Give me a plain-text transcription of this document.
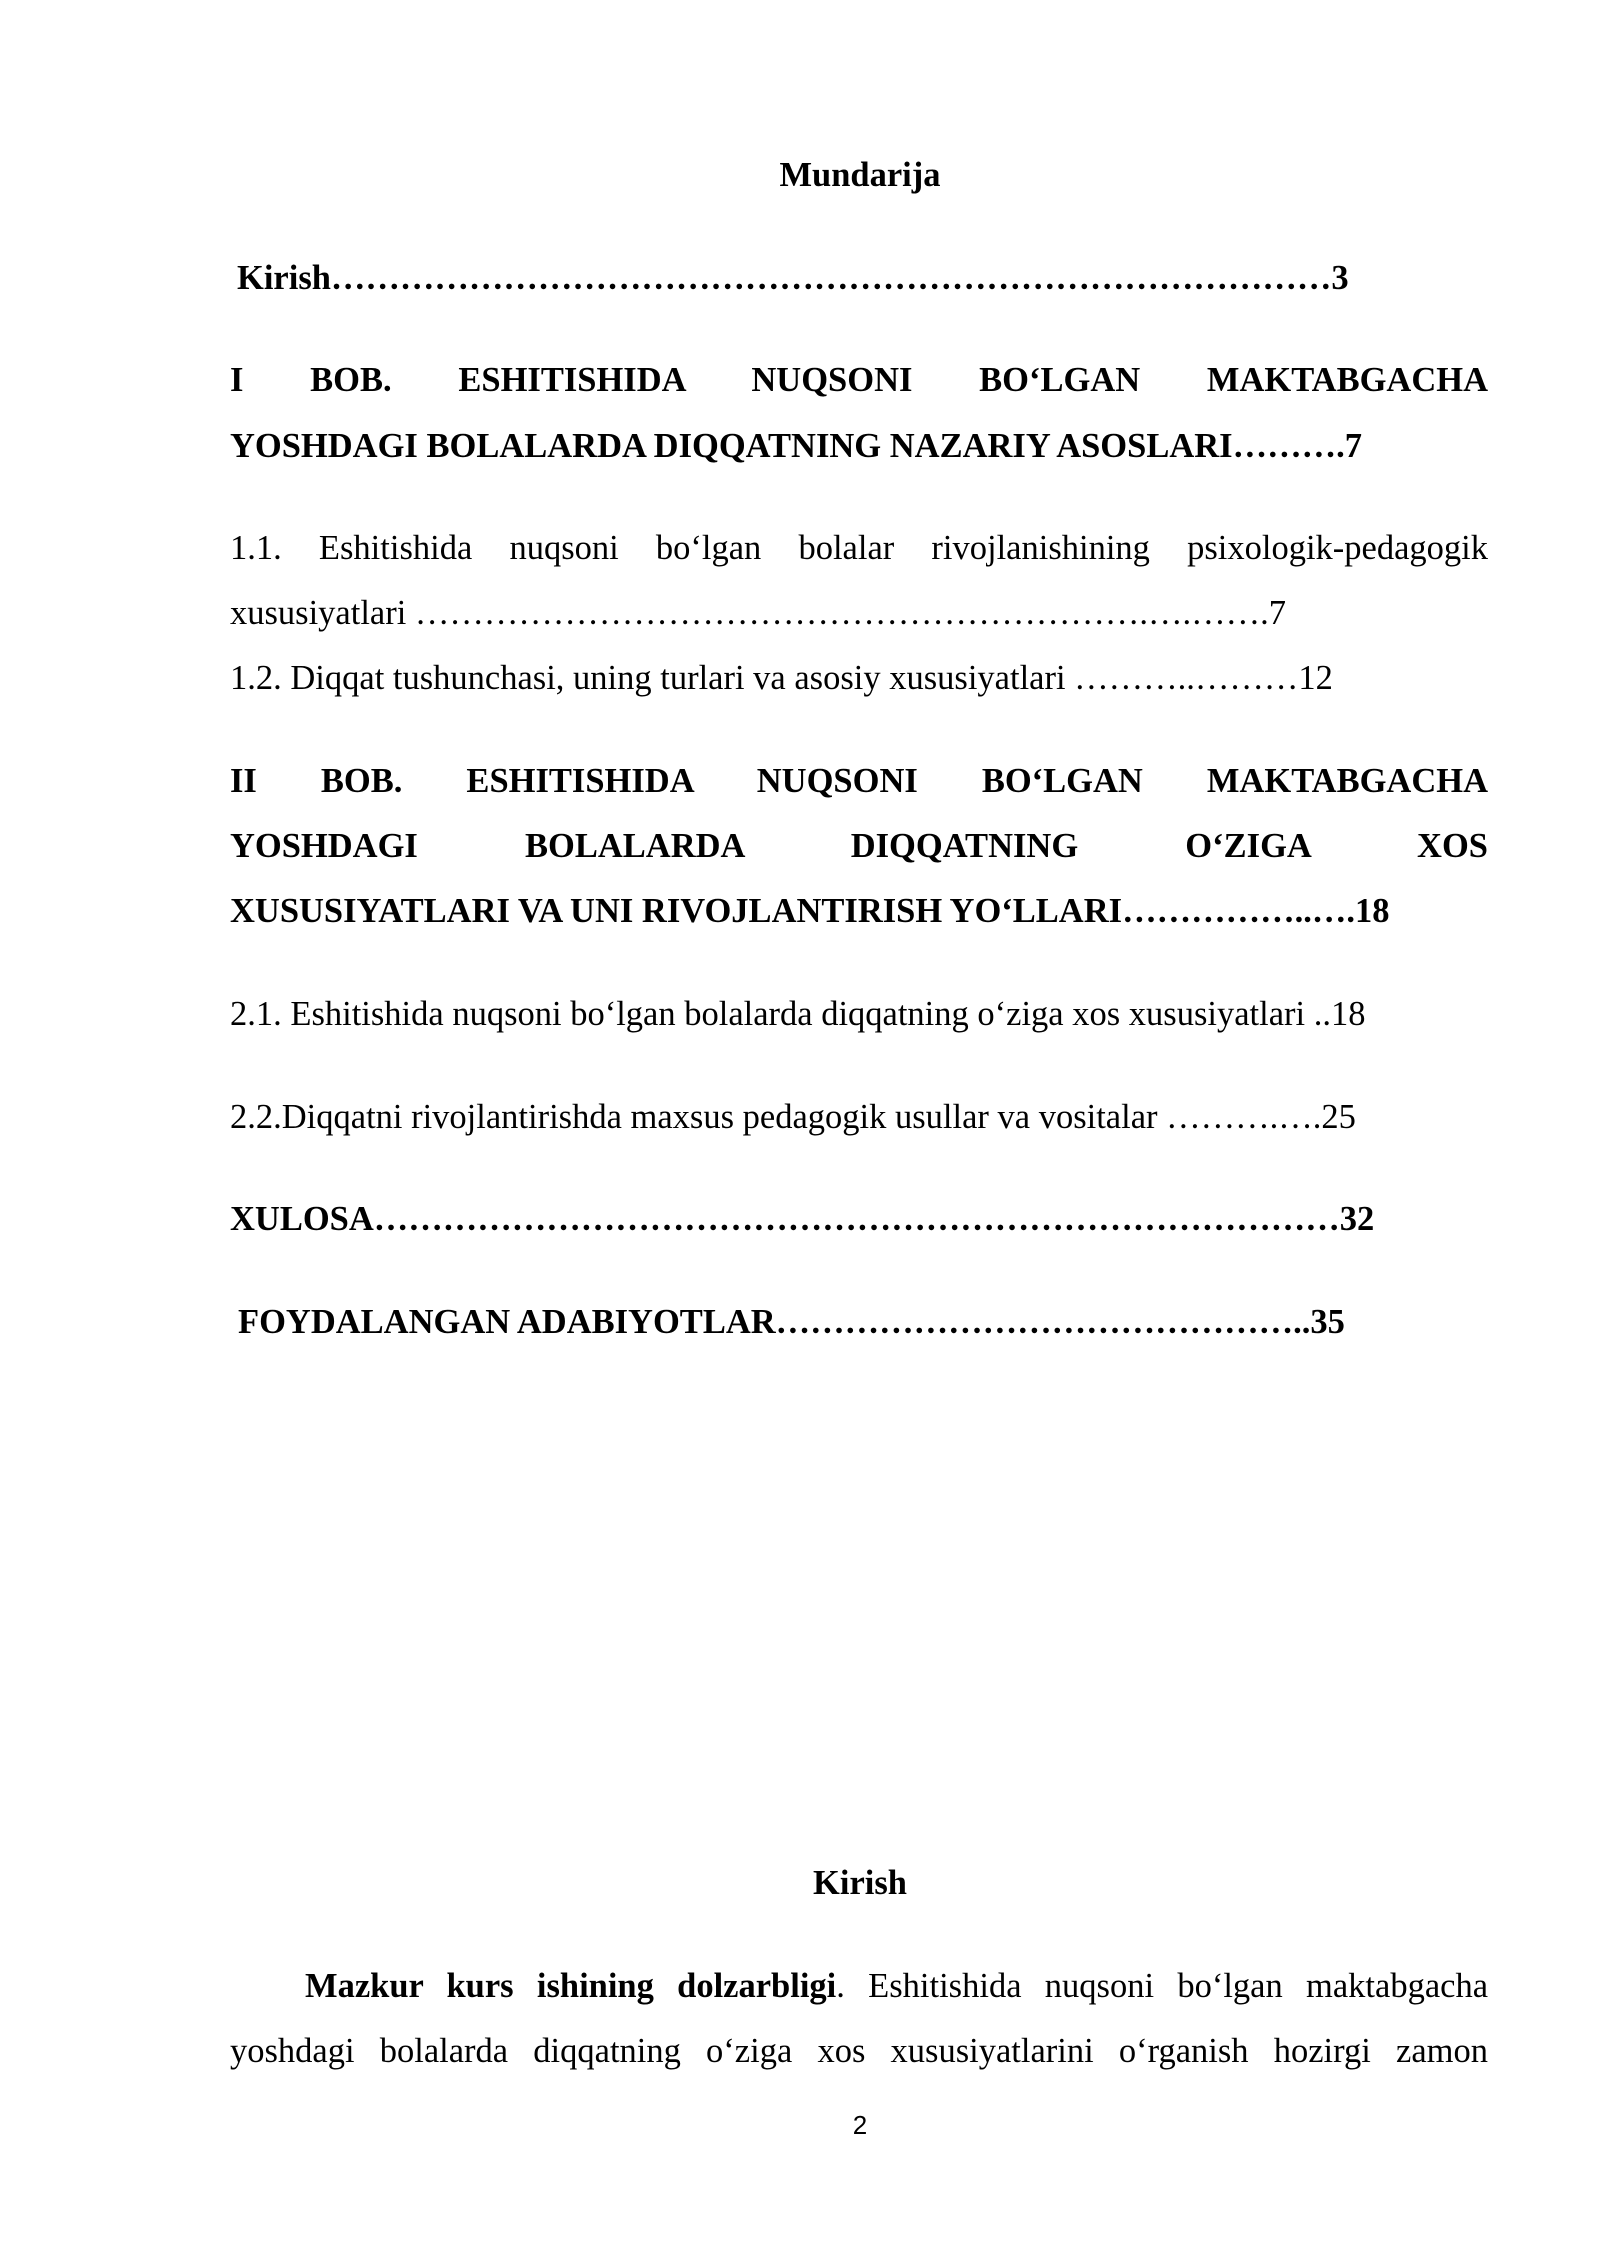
Mundarija
Kirish……………………………………………………………………………3
I BOB. ESHITISHIDA NUQSONI BO‘LGAN MAKTABGACHA
YOSHDAGI BOLALARDA DIQQATNING NAZARIY ASOSLARI……….7
1.1. Eshitishida nuqsoni bo‘lgan bolalar rivojlanishining psixologik-pedagogik
xususiyatlari ……………………………………………………….….…….7
1.2. Diqqat tushunchasi, uning turlari va asosiy xususiyatlari ………..………12
II BOB. ESHITISHIDA NUQSONI BO‘LGAN MAKTABGACHA
YOSHDAGI BOLALARDA DIQQATNING O‘ZIGA XOS
XUSUSIYATLARI VA UNI RIVOJLANTIRISH YO‘LLARI……………..….18
2.1. Eshitishida nuqsoni bo‘lgan bolalarda diqqatning o‘ziga xos xususiyatlari ..18
2.2.Diqqatni rivojlantirishda maxsus pedagogik usullar va vositalar ……….….25
XULOSA…………………………………………………………………………32
FOYDALANGAN ADABIYOTLAR………………………………………..35
Kirish
Mazkur kurs ishining dolzarbligi. Eshitishida nuqsoni bo‘lgan maktabgacha
yoshdagi bolalarda diqqatning o‘ziga xos xususiyatlarini o‘rganish hozirgi zamon
2
